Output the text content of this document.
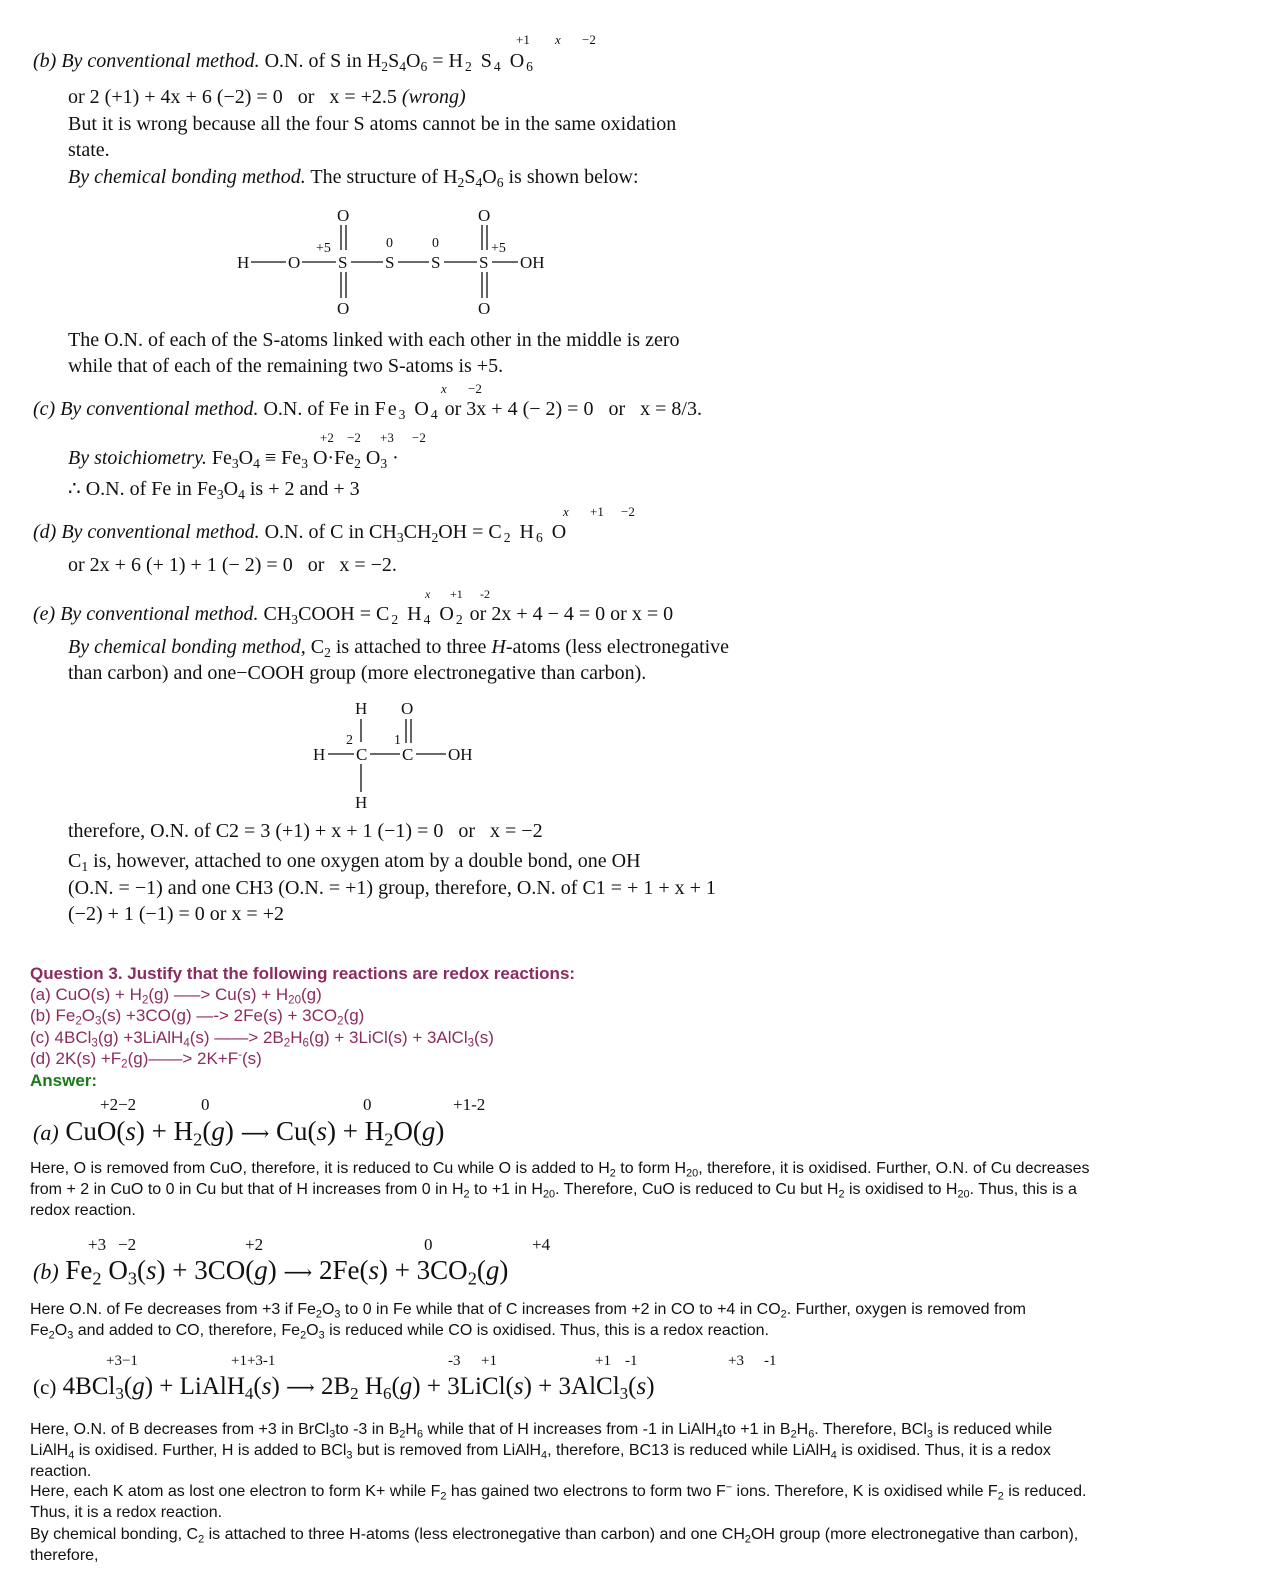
+1 x −2
(b) By conventional method. O.N. of S in $H_2S_4O_6 = H_2$ $S_4$ $O_6$
or 2 (+1) + 4x + 6 (−2) = 0   or   x = +2.5 (wrong)
But it is wrong because all the four S atoms cannot be in the same oxidation
state.
By chemical bonding method. The structure of $H_2S_4O_6$ is shown below:
H O S S S S OH
O	O
O	O
+5	0	0	+5
The O.N. of each of the S-atoms linked with each other in the middle is zero
while that of each of the remaining two S-atoms is +5.
x −2
(c) By conventional method. O.N. of Fe in $Fe_3$ $O_4$ or 3x + 4 (− 2) = 0   or   x = 8/3.
+2 −2 +3 −2
By stoichiometry. $Fe_3O_4 \equiv Fe_3$ $O\cdot Fe_2$ $O_3$ ·
∴ O.N. of Fe in $Fe_3O_4$ is + 2 and + 3
x +1 −2
(d) By conventional method. O.N. of C in $CH_3CH_2OH = C_2$ $H_6$ O
or 2x + 6 (+ 1) + 1 (− 2) = 0   or   x = −2.
x +1 -2
(e) By conventional method. $CH_3COOH = C_2$ $H_4$ $O_2$ or 2x + 4 − 4 = 0 or x = 0
By chemical bonding method, $C_2$ is attached to three H-atoms (less electronegative
than carbon) and one−COOH group (more electronegative than carbon).
H O
H C C OH
H
2	1
therefore, O.N. of C2 = 3 (+1) + x + 1 (−1) = 0   or   x = −2
$C_1$ is, however, attached to one oxygen atom by a double bond, one OH
(O.N. = −1) and one CH3 (O.N. = +1) group, therefore, O.N. of C1 = + 1 + x + 1
(−2) + 1 (−1) = 0 or x = +2
Question 3. Justify that the following reactions are redox reactions:
(a) $CuO(s) + H_2(g)$ —–> $Cu(s) + H_{20}(g)$
(b) $Fe_2O_3(s) +3CO(g)$ —-> $2Fe(s) + 3CO_2(g)$
(c) 4BCl$_3$(g) +3LiAlH$_4$(s) ——> $2B_2H_6(g)$ + 3LiCl(s) + 3AlCl$_3$(s)
(d) $2K(s) +F_2(g)——> 2K+F^-(s)$
Answer:
+2−2	0	0	+1-2
(a) $CuO(s) + H_2(g)$ ⟶ $Cu(s) + H_2O(g)$
Here, O is removed from CuO, therefore, it is reduced to Cu while O is added to $H_2$ to form $H_{20}$, therefore, it is oxidised. Further, O.N. of Cu decreases
from + 2 in CuO to 0 in Cu but that of H increases from 0 in $H_2$ to +1 in $H_{20}$. Therefore, CuO is reduced to Cu but $H_2$ is oxidised to $H_{20}$. Thus, this is a
redox reaction.
+3 −2	+2	0	+4
(b) $Fe_2$ $O_3(s) + 3CO(g)$ ⟶ $2Fe(s) + 3CO_2(g)$
Here O.N. of Fe decreases from +3 if $Fe_2O_3$ to 0 in Fe while that of C increases from +2 in CO to +4 in $CO_2$. Further, oxygen is removed from
$Fe_2O_3$ and added to CO, therefore, $Fe_2O_3$ is reduced while CO is oxidised. Thus, this is a redox reaction.
+3−1	+1+3-1	-3 +1	+1 -1	+3 -1
(c) 4BCl$_3$(g) + LiAlH$_4$(s) ⟶ $2B_2$ $H_6(g)$ + 3LiCl(s) + 3AlCl$_3$(s)
Here, O.N. of B decreases from +3 in BrCl$_3$to -3 in $B_2H_6$ while that of H increases from -1 in LiAlH$_4$to +1 in $B_2H_6$. Therefore, BCl$_3$ is reduced while
LiAlH$_4$ is oxidised. Further, H is added to BCl$_3$ but is removed from LiAlH$_4$, therefore, BC13 is reduced while LiAlH$_4$ is oxidised. Thus, it is a redox
reaction.
Here, each K atom as lost one electron to form K+ while $F_2$ has gained two electrons to form two F− ions. Therefore, K is oxidised while $F_2$ is reduced.
Thus, it is a redox reaction.
By chemical bonding, $C_2$ is attached to three H-atoms (less electronegative than carbon) and one $CH_2OH$ group (more electronegative than carbon),
therefore,
